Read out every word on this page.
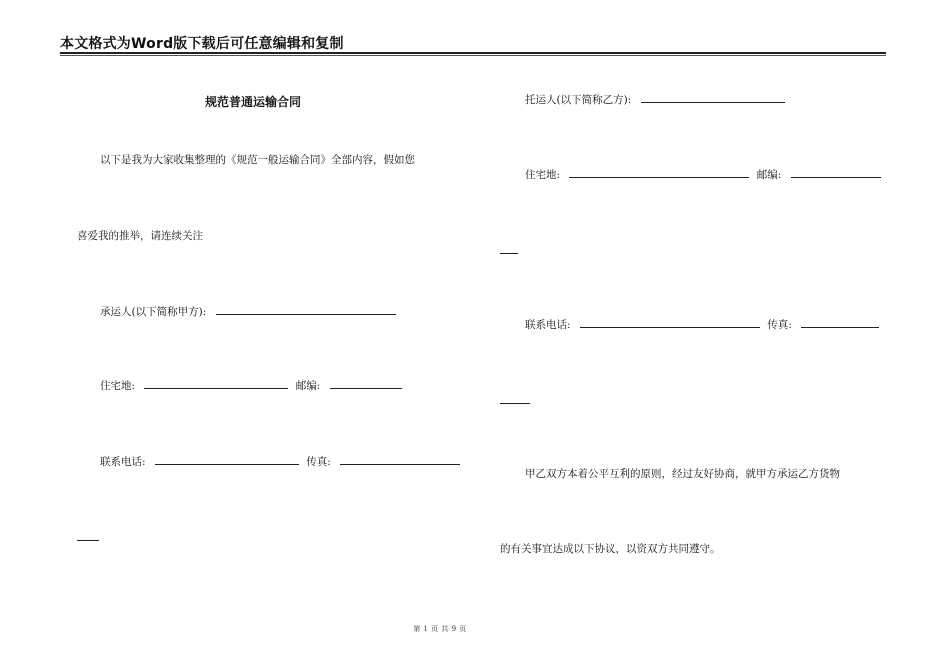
本文格式为Word版下载后可任意编辑和复制
规范普通运输合同
以下是我为大家收集整理的《规范一般运输合同》全部内容，假如您
喜爱我的推举，请连续关注
承运人(以下简称甲方):
住宅地:	邮编:
联系电话:	传真:
托运人(以下简称乙方):
住宅地:	邮编:
联系电话:	传真:
甲乙双方本着公平互利的原则，经过友好协商，就甲方承运乙方货物
的有关事宜达成以下协议，以资双方共同遵守。
第 1 页 共 9 页
